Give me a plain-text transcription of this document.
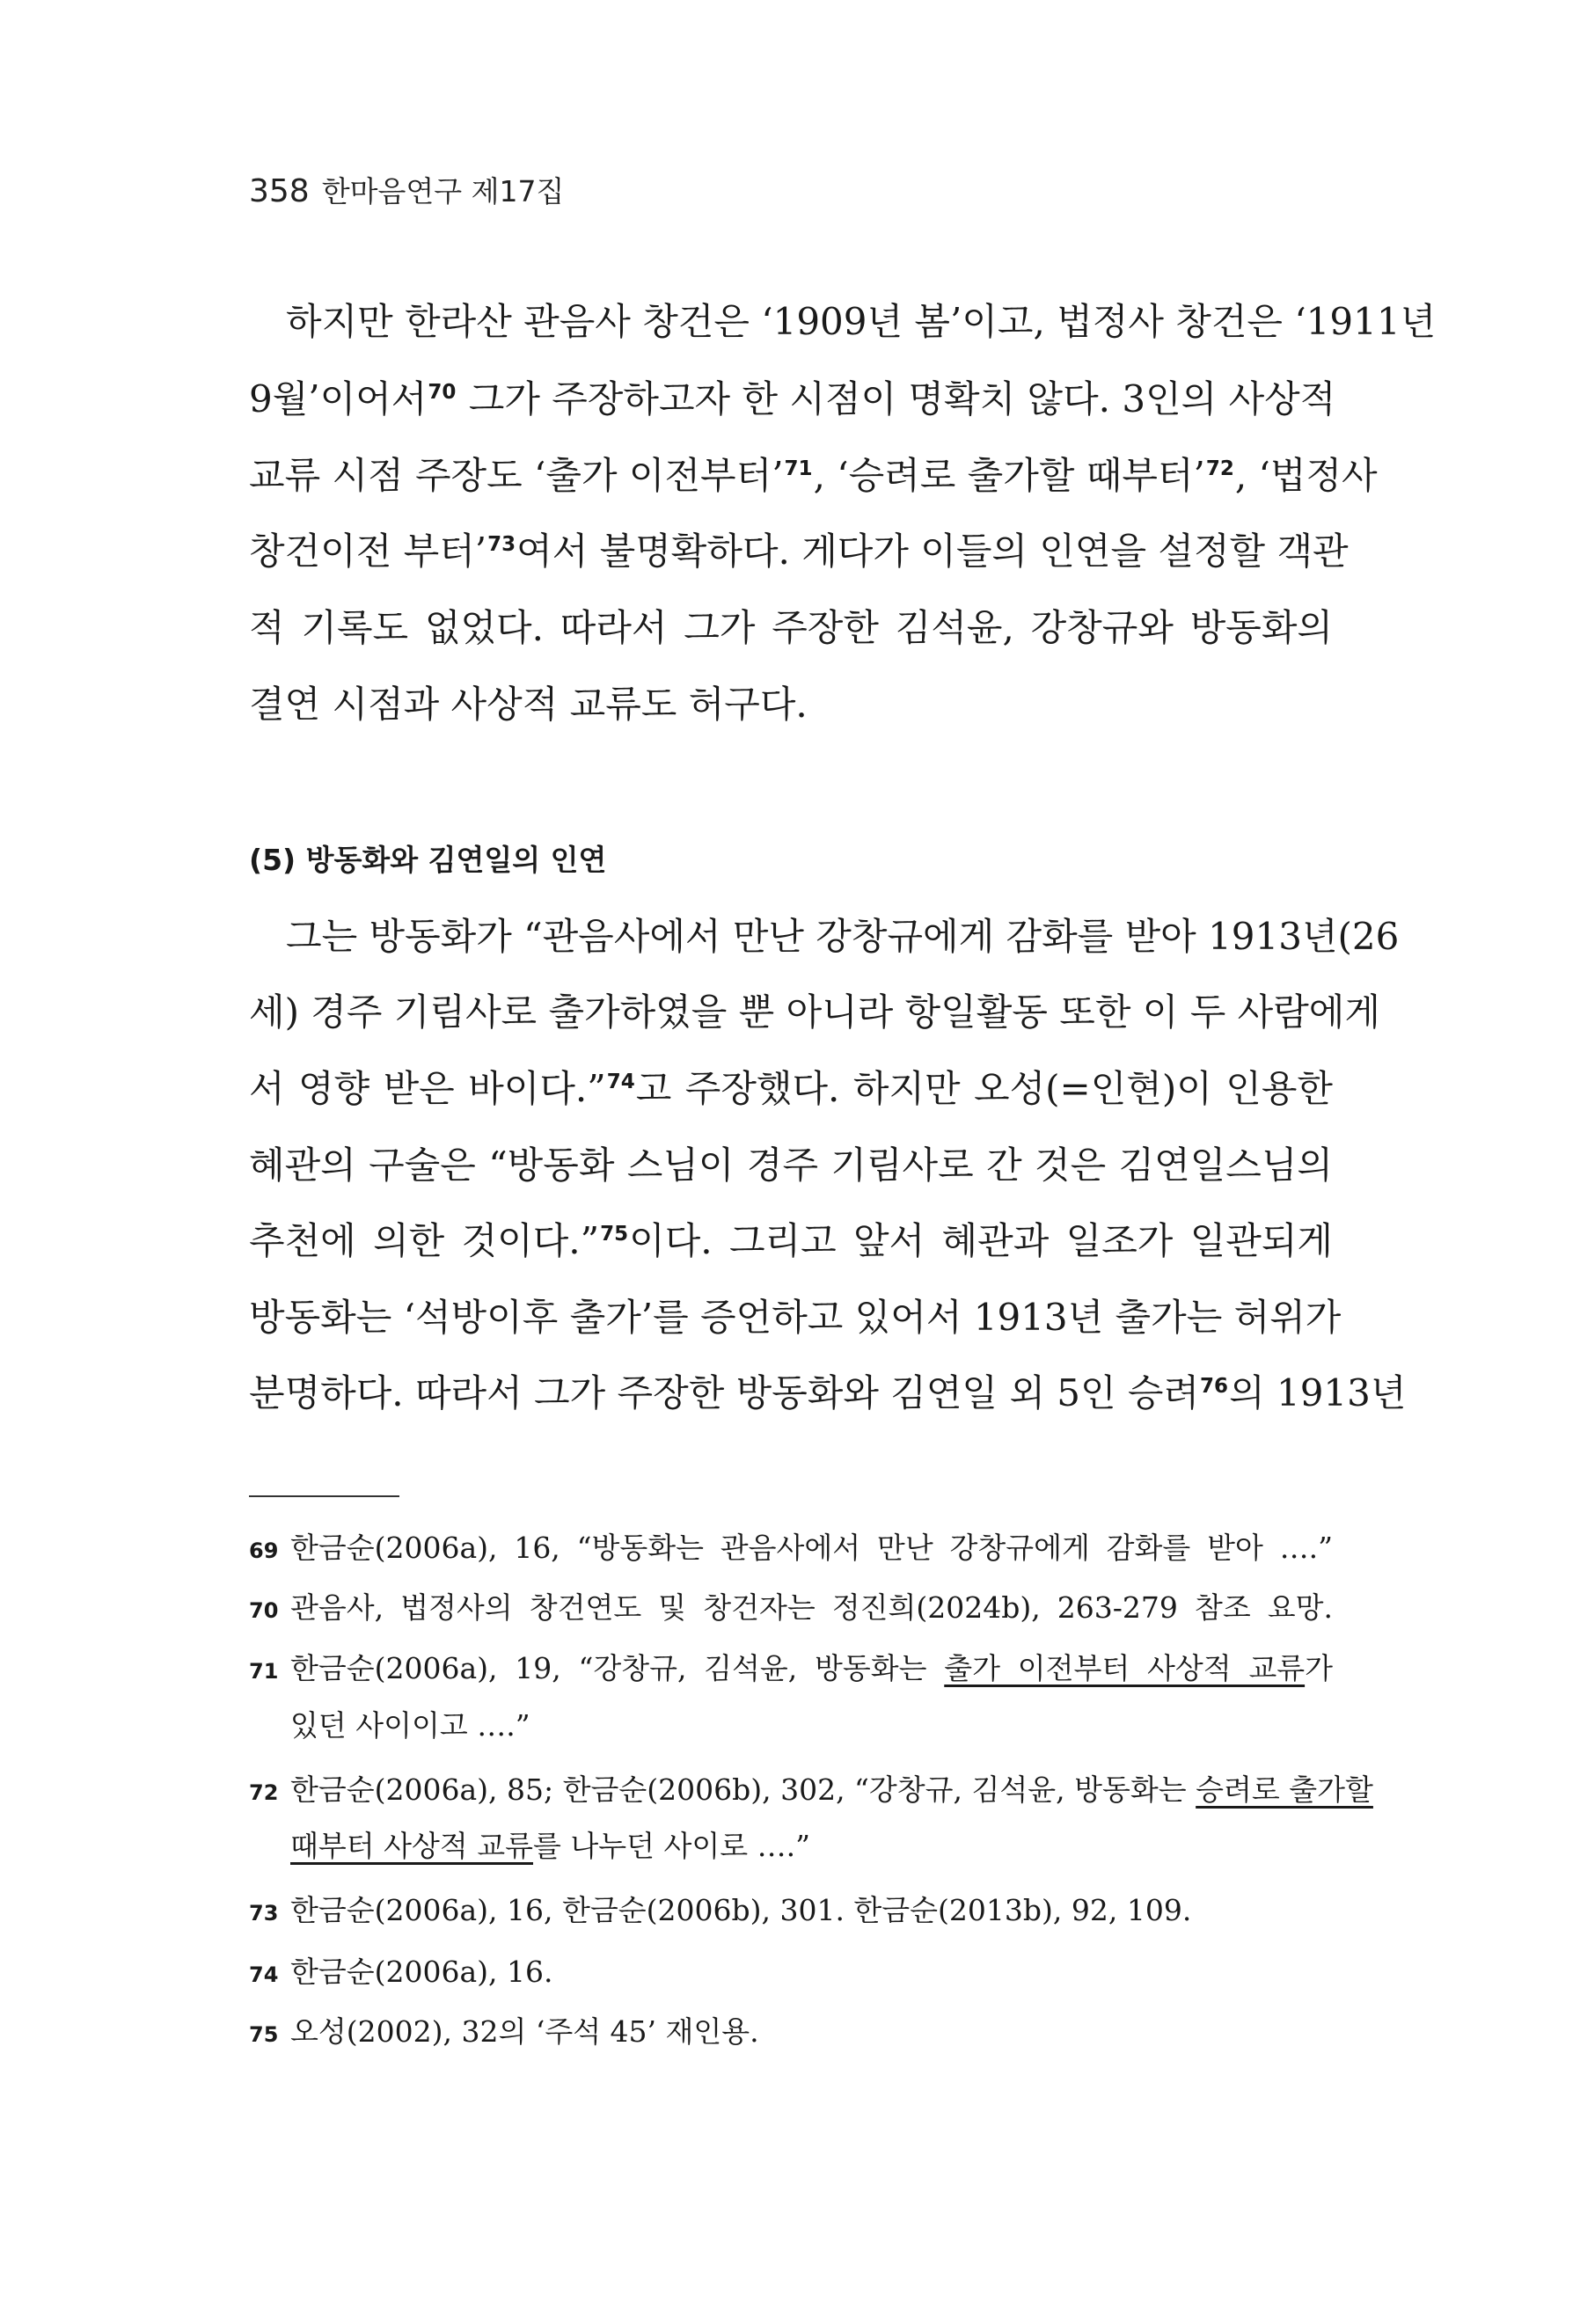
358 한마음연구 제17집
하지만 한라산 관음사 창건은 ‘1909년 봄’이고, 법정사 창건은 ‘1911년
9월’이어서$^{70}$ 그가 주장하고자 한 시점이 명확치 않다. 3인의 사상적
교류 시점 주장도 ‘출가 이전부터’$^{71}$, ‘승려로 출가할 때부터’$^{72}$, ‘법정사
창건이전 부터’$^{73}$여서 불명확하다. 게다가 이들의 인연을 설정할 객관
적 기록도 없었다. 따라서 그가 주장한 김석윤, 강창규와 방동화의
결연 시점과 사상적 교류도 허구다.
(5) 방동화와 김연일의 인연
그는 방동화가 “관음사에서 만난 강창규에게 감화를 받아 1913년(26
세) 경주 기림사로 출가하였을 뿐 아니라 항일활동 또한 이 두 사람에게
서 영향 받은 바이다.”$^{74}$고 주장했다. 하지만 오성(=인현)이 인용한
혜관의 구술은 “방동화 스님이 경주 기림사로 간 것은 김연일스님의
추천에 의한 것이다.”$^{75}$이다. 그리고 앞서 혜관과 일조가 일관되게
방동화는 ‘석방이후 출가’를 증언하고 있어서 1913년 출가는 허위가
분명하다. 따라서 그가 주장한 방동화와 김연일 외 5인 승려$^{76}$의 1913년
69 한금순(2006a), 16, “방동화는 관음사에서 만난 강창규에게 감화를 받아 ….”
70 관음사, 법정사의 창건연도 및 창건자는 정진희(2024b), 263-279 참조 요망.
71 한금순(2006a), 19, “강창규, 김석윤, 방동화는 출가 이전부터 사상적 교류가
있던 사이이고 ….”
72 한금순(2006a), 85; 한금순(2006b), 302, “강창규, 김석윤, 방동화는 승려로 출가할
때부터 사상적 교류를 나누던 사이로 ….”
73 한금순(2006a), 16, 한금순(2006b), 301. 한금순(2013b), 92, 109.
74 한금순(2006a), 16.
75 오성(2002), 32의 ‘주석 45’ 재인용.
